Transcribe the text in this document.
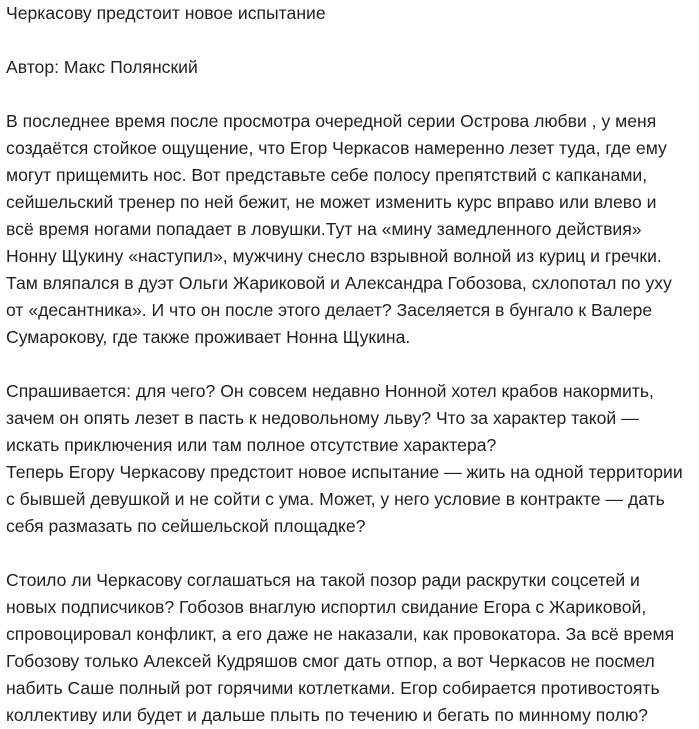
Черкасову предстоит новое испытание
Автор: Макс Полянский
В последнее время после просмотра очередной серии Острова любви , у меня
создаётся стойкое ощущение, что Егор Черкасов намеренно лезет туда, где ему
могут прищемить нос. Вот представьте себе полосу препятствий с капканами,
сейшельский тренер по ней бежит, не может изменить курс вправо или влево и
всё время ногами попадает в ловушки.Тут на «мину замедленного действия»
Нонну Щукину «наступил», мужчину снесло взрывной волной из куриц и гречки.
Там вляпался в дуэт Ольги Жариковой и Александра Гобозова, схлопотал по уху
от «десантника». И что он после этого делает? Заселяется в бунгало к Валере
Сумарокову, где также проживает Нонна Щукина.
Спрашивается: для чего? Он совсем недавно Нонной хотел крабов накормить,
зачем он опять лезет в пасть к недовольному льву? Что за характер такой —
искать приключения или там полное отсутствие характера?
Теперь Егору Черкасову предстоит новое испытание — жить на одной территории
с бывшей девушкой и не сойти с ума. Может, у него условие в контракте — дать
себя размазать по сейшельской площадке?
Стоило ли Черкасову соглашаться на такой позор ради раскрутки соцсетей и
новых подписчиков? Гобозов внаглую испортил свидание Егора с Жариковой,
спровоцировал конфликт, а его даже не наказали, как провокатора. За всё время
Гобозову только Алексей Кудряшов смог дать отпор, а вот Черкасов не посмел
набить Саше полный рот горячими котлетками. Егор собирается противостоять
коллективу или будет и дальше плыть по течению и бегать по минному полю?
